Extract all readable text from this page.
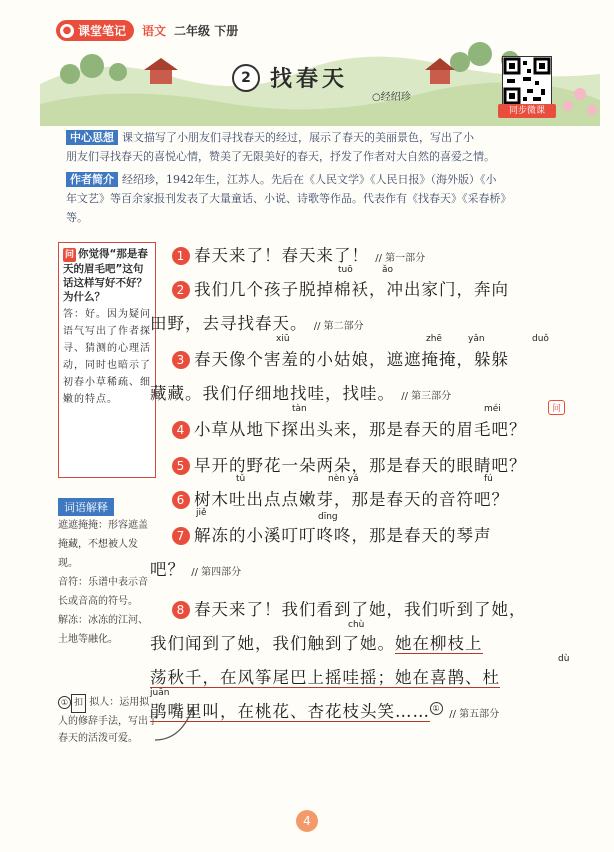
● 课堂笔记 语文 二年级 下册
2 找春天
○经绍珍
同步微课
中心思想 课文描写了小朋友们寻找春天的经过，展示了春天的美丽景色，写出了小
朋友们寻找春天的喜悦心情，赞美了无限美好的春天，抒发了作者对大自然的喜爱之情。
作者简介 经绍珍，1942年生，江苏人。先后在《人民文学》《人民日报》（海外版）《小
年文艺》等百余家报刊发表了大量童话、小说、诗歌等作品。代表作有《找春天》《采春桥》
等。
问 你觉得“那是春天的眉毛吧”这句话这样写好不好？为什么？
答：好。因为疑问语气写出了作者探寻、猜测的心理活动，同时也暗示了初春小草稀疏、细嫩的特点。
词语解释
遮遮掩掩：形容遮盖掩藏，不想被人发现。
音符：乐谱中表示音长或音高的符号。
解冻：冰冻的江河、土地等融化。
① 扣 拟人：运用拟人的修辞手法，写出了春天的活泼可爱。
1 春天来了！春天来了！ // 第一部分
tuō	ǎo
2 我们几个孩子脱掉棉袄，冲出家门，奔向
田野，去寻找春天。 // 第二部分
xiū	zhē	yǎn	duǒ
3 春天像个害羞的小姑娘，遮遮掩掩，躲躲
藏藏。我们仔细地找哇，找哇。 // 第三部分
tàn	méi
4 小草从地下探出头来，那是春天的眉毛吧？
5 早开的野花一朵两朵，那是春天的眼睛吧？
tǔ	nèn yá	fú
6 树木吐出点点嫩芽，那是春天的音符吧？
jiě	dīng
7 解冻的小溪叮叮咚咚，那是春天的琴声
吧？ // 第四部分
8 春天来了！我们看到了她，我们听到了她，
chù
我们闻到了她，我们触到了她。她在柳枝上
dù
荡秋千，在风筝尾巴上摇哇摇；她在喜鹊、杜
juān
鹃嘴里叫，在桃花、杏花枝头笑…… ① // 第五部分
问
4
